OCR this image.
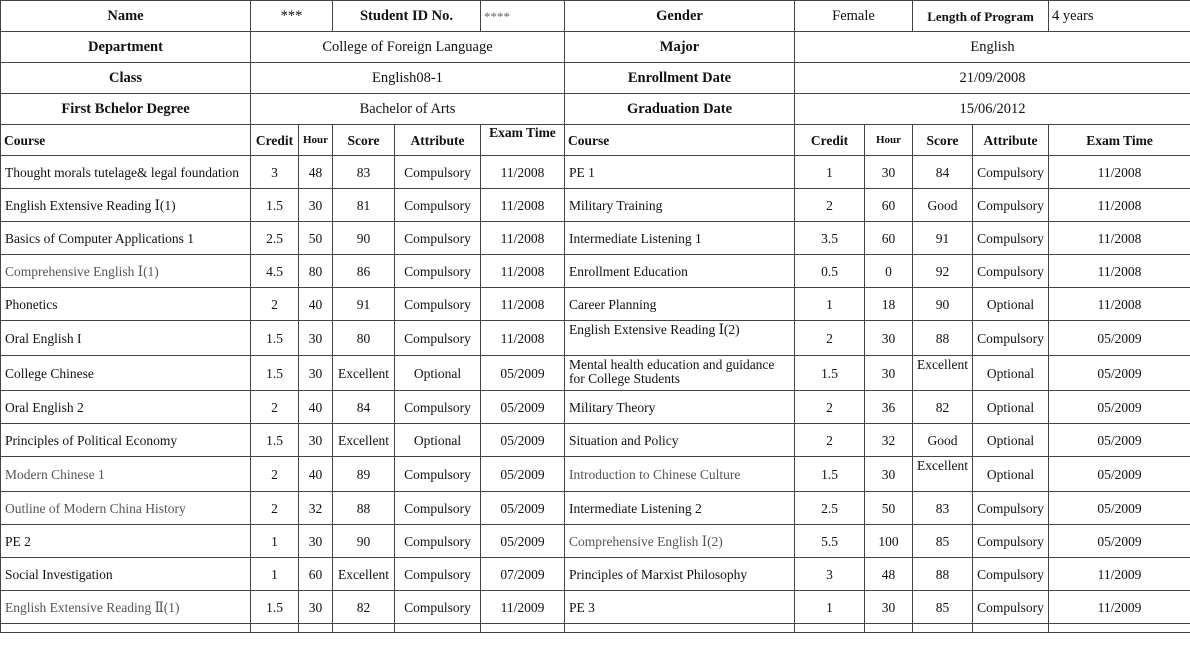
Name	***		Student ID No.		****	Gender	Female		Length of Program		4 years
Department	College of Foreign Language					Major	English				
Class	English08-1					Enrollment Date	21/09/2008				
First Bchelor Degree	Bachelor of Arts					Graduation Date	15/06/2012				
Course	Credit	Hour	Score	Attribute	Exam Time	Course	Credit	Hour	Score	Attribute	Exam Time
Thought morals tutelage& legal foundation	3	48	83	Compulsory	11/2008	PE 1	1	30	84	Compulsory	11/2008
English Extensive Reading Ⅰ(1)	1.5	30	81	Compulsory	11/2008	Military Training	2	60	Good	Compulsory	11/2008
Basics of Computer Applications 1	2.5	50	90	Compulsory	11/2008	Intermediate Listening 1	3.5	60	91	Compulsory	11/2008
Comprehensive English Ⅰ(1)	4.5	80	86	Compulsory	11/2008	Enrollment Education	0.5	0	92	Compulsory	11/2008
Phonetics	2	40	91	Compulsory	11/2008	Career Planning	1	18	90	Optional	11/2008
Oral English I	1.5	30	80	Compulsory	11/2008	English Extensive Reading Ⅰ(2)	2	30	88	Compulsory	05/2009
College Chinese	1.5	30	Excellent	Optional	05/2009	Mental health education and guidance for College Students	1.5	30	Excellent	Optional	05/2009
Oral English 2	2	40	84	Compulsory	05/2009	Military Theory	2	36	82	Optional	05/2009
Principles of Political Economy	1.5	30	Excellent	Optional	05/2009	Situation and Policy	2	32	Good	Optional	05/2009
Modern Chinese 1	2	40	89	Compulsory	05/2009	Introduction to Chinese Culture	1.5	30	Excellent	Optional	05/2009
Outline of Modern China History	2	32	88	Compulsory	05/2009	Intermediate Listening 2	2.5	50	83	Compulsory	05/2009
PE 2	1	30	90	Compulsory	05/2009	Comprehensive English Ⅰ(2)	5.5	100	85	Compulsory	05/2009
Social Investigation	1	60	Excellent	Compulsory	07/2009	Principles of Marxist Philosophy	3	48	88	Compulsory	11/2009
English Extensive Reading Ⅱ(1)	1.5	30	82	Compulsory	11/2009	PE 3	1	30	85	Compulsory	11/2009
